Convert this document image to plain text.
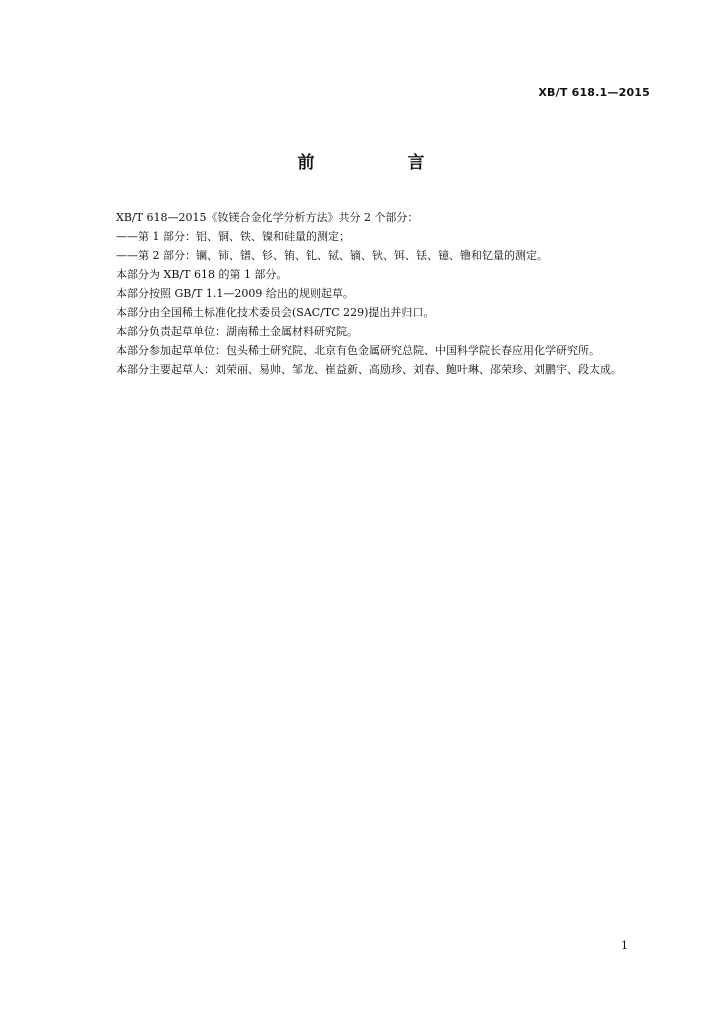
XB/T 618.1—2015
前　言

XB/T 618—2015《钕镁合金化学分析方法》共分 2 个部分：

——第 1 部分：铝、铜、铁、镍和硅量的测定；

——第 2 部分：镧、铈、镨、钐、铕、钆、铽、镝、钬、铒、铥、镱、镥和钇量的测定。

本部分为 XB/T 618 的第 1 部分。

本部分按照 GB/T 1.1—2009 给出的规则起草。

本部分由全国稀土标准化技术委员会(SAC/TC 229)提出并归口。

本部分负责起草单位：湖南稀土金属材料研究院。

本部分参加起草单位：包头稀土研究院、北京有色金属研究总院、中国科学院长春应用化学研究所。

本部分主要起草人：刘荣丽、易帅、邹龙、崔益新、高励珍、刘春、鲍叶琳、邵荣珍、刘鹏宇、段太成。

1
